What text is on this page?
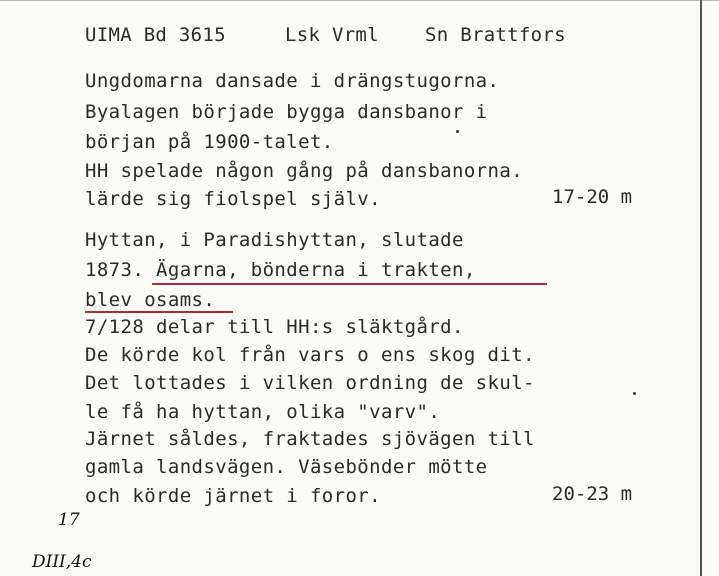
UIMA Bd 3615	Lsk Vrml Sn Brattfors
Ungdomarna dansade i drängstugorna.
Byalagen började bygga dansbanor i
början på 1900-talet.
HH spelade någon gång på dansbanorna.
lärde sig fiolspel själv.	17-20 m
Hyttan, i Paradishyttan, slutade
1873. Ägarna, bönderna i trakten,
blev osams.
7/128 delar till HH:s släktgård.
De körde kol från vars o ens skog dit.
Det lottades i vilken ordning de skul-
le få ha hyttan, olika "varv".
Järnet såldes, fraktades sjövägen till
gamla landsvägen. Väsebönder mötte
och körde järnet i foror.	20-23 m
17
DIII,4c
